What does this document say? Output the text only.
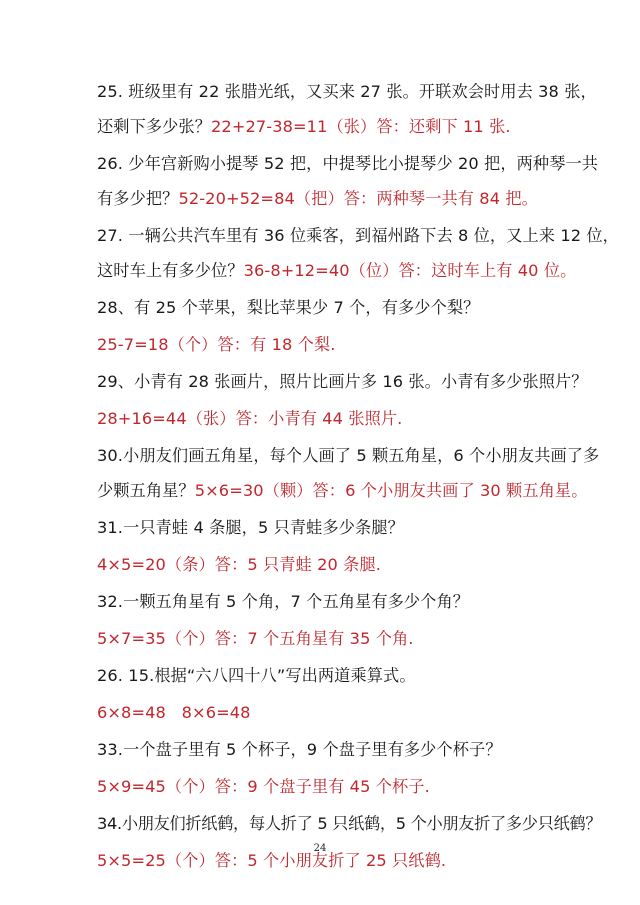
25. 班级里有 22 张腊光纸，又买来 27 张。开联欢会时用去 38 张，
还剩下多少张？22+27-38=11（张）答：还剩下 11 张.
26. 少年宫新购小提琴 52 把，中提琴比小提琴少 20 把，两种琴一共
有多少把？52-20+52=84（把）答：两种琴一共有 84 把。
27. 一辆公共汽车里有 36 位乘客，到福州路下去 8 位，又上来 12 位，
这时车上有多少位？36-8+12=40（位）答：这时车上有 40 位。
28、有 25 个苹果，梨比苹果少 7 个，有多少个梨？
25-7=18（个）答：有 18 个梨.
29、小青有 28 张画片，照片比画片多 16 张。小青有多少张照片？
28+16=44（张）答：小青有 44 张照片.
30.小朋友们画五角星，每个人画了 5 颗五角星，6 个小朋友共画了多
少颗五角星？5×6=30（颗）答：6 个小朋友共画了 30 颗五角星。
31.一只青蛙 4 条腿，5 只青蛙多少条腿？
4×5=20（条）答：5 只青蛙 20 条腿.
32.一颗五角星有 5 个角，7 个五角星有多少个角？
5×7=35（个）答：7 个五角星有 35 个角.
26. 15.根据“六八四十八”写出两道乘算式。
6×8=48   8×6=48
33.一个盘子里有 5 个杯子，9 个盘子里有多少个杯子？
5×9=45（个）答：9 个盘子里有 45 个杯子.
34.小朋友们折纸鹤，每人折了 5 只纸鹤，5 个小朋友折了多少只纸鹤？
5×5=25（个）答：5 个小朋友折了 25 只纸鹤.
24
